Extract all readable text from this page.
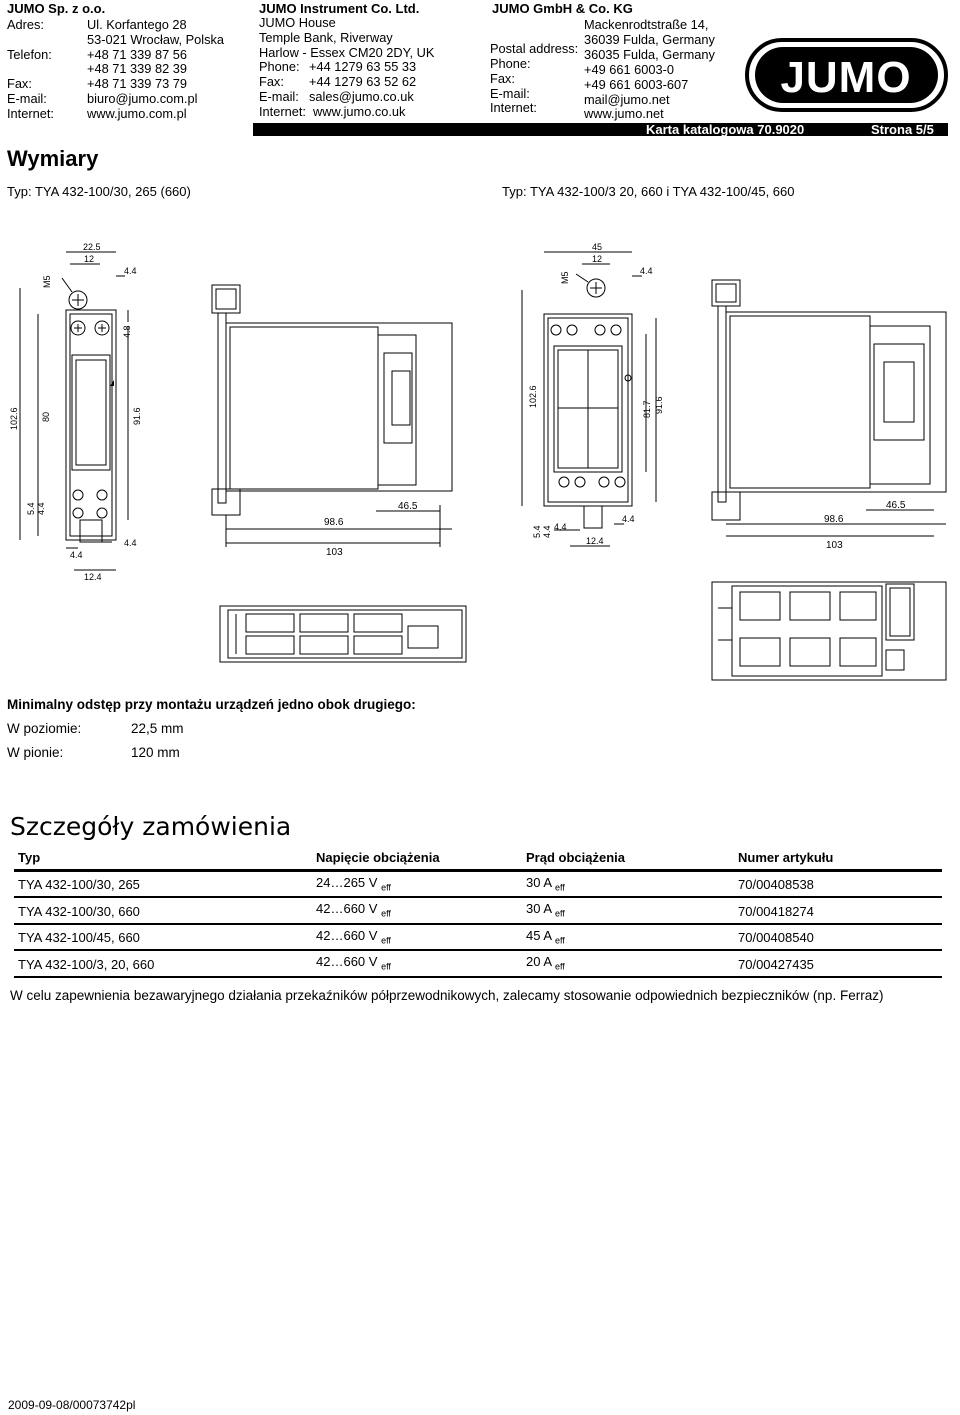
JUMO Sp. z o.o.
Adres:	Ul. Korfantego 28
53-021 Wrocław, Polska
Telefon:	+48 71 339 87 56
+48 71 339 82 39
Fax:	+48 71 339 73 79
E-mail:	biuro@jumo.com.pl
Internet:	www.jumo.com.pl
JUMO Instrument Co. Ltd.
JUMO House
Temple Bank, Riverway
Harlow - Essex CM20 2DY, UK
Phone: +44 1279 63 55 33
Fax:	+44 1279 63 52 62
E-mail: sales@jumo.co.uk
Internet: www.jumo.co.uk
JUMO GmbH & Co. KG
Mackenrodtstraße 14,
36039 Fulda, Germany
Postal address: 36035 Fulda, Germany
Phone:	+49 661 6003-0
Fax:	+49 661 6003-607
E-mail:	mail@jumo.net
Internet:	www.jumo.net
JUMO
Karta katalogowa 70.9020	Strona 5/5
Wymiary
Typ: TYA 432-100/30, 265 (660)	Typ: TYA 432-100/3 20, 660 i TYA 432-100/45, 660
22.5
12
4.4
M5
4.8
102.6 80	91.6
5.4 4.4
4.4
4.4
12.4
46.5
98.6
103
45
12
4.4
M5
102.6
81.7 91.6
5.4 4.4 4.4
4.4
12.4
46.5
98.6
103
Minimalny odstęp przy montażu urządzeń jedno obok drugiego:
W poziomie:	22,5 mm
W pionie:	120 mm
Szczegóły zamówienia
Typ	Napięcie obciążenia	Prąd obciążenia	Numer artykułu
TYA 432-100/30, 265	24…265 V $_{eff}$	30 A $_{eff}$	70/00408538
TYA 432-100/30, 660	42…660 V $_{eff}$	30 A $_{eff}$	70/00418274
TYA 432-100/45, 660	42…660 V $_{eff}$	45 A $_{eff}$	70/00408540
TYA 432-100/3, 20, 660	42…660 V $_{eff}$	20 A $_{eff}$	70/00427435
W celu zapewnienia bezawaryjnego działania przekaźników półprzewodnikowych, zalecamy stosowanie odpowiednich bezpieczników (np. Ferraz)
2009-09-08/00073742pl
